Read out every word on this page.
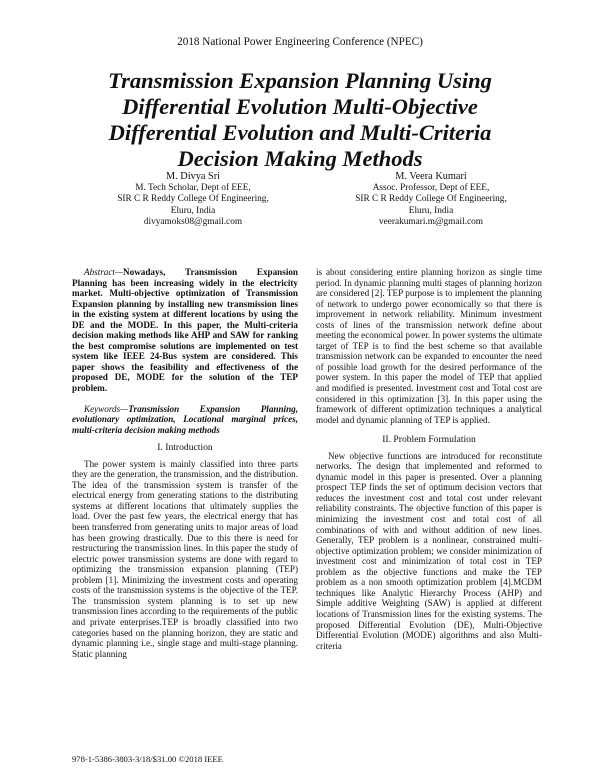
2018 National Power Engineering Conference (NPEC)
Transmission Expansion Planning Using Differential Evolution Multi-Objective Differential Evolution and Multi-Criteria Decision Making Methods
M. Divya Sri
M. Tech Scholar, Dept of EEE,
SIR C R Reddy College Of Engineering,
Eluru, India
divyamoks08@gmail.com
M. Veera Kumari
Assoc. Professor, Dept of EEE,
SIR C R Reddy College Of Engineering,
Eluru, India
veerakumari.m@gmail.com

Abstract—Nowadays, Transmission Expansion Planning has been increasing widely in the electricity market. Multi-objective optimization of Transmission Expansion planning by installing new transmission lines in the existing system at different locations by using the DE and the MODE. In this paper, the Multi-criteria decision making methods like AHP and SAW for ranking the best compromise solutions are implemented on test system like IEEE 24-Bus system are considered. This paper shows the feasibility and effectiveness of the proposed DE, MODE for the solution of the TEP problem.

Keywords—Transmission Expansion Planning, evolutionary optimization, Locational marginal prices, multi-criteria decision making methods

I. Introduction

The power system is mainly classified into three parts they are the generation, the transmission, and the distribution. The idea of the transmission system is transfer of the electrical energy from generating stations to the distributing systems at different locations that ultimately supplies the load. Over the past few years, the electrical energy that has been transferred from generating units to major areas of load has been growing drastically. Due to this there is need for restructuring the transmission lines. In this paper the study of electric power transmission systems are done with regard to optimizing the transmission expansion planning (TEP) problem [1]. Minimizing the investment costs and operating costs of the transmission systems is the objective of the TEP. The transmission system planning is to set up new transmission lines according to the requirements of the public and private enterprises.TEP is broadly classified into two categories based on the planning horizon, they are static and dynamic planning i.e., single stage and multi-stage planning. Static planning

is about considering entire planning horizon as single time period. In dynamic planning multi stages of planning horizon are considered [2]. TEP purpose is to implement the planning of network to undergo power economically so that there is improvement in network reliability. Minimum investment costs of lines of the transmission network define about meeting the economical power. In power systems the ultimate target of TEP is to find the best scheme so that available transmission network can be expanded to encounter the need of possible load growth for the desired performance of the power system. In this paper the model of TEP that applied and modified is presented. Investment cost and Total cost are considered in this optimization [3]. In this paper using the framework of different optimization techniques a analytical model and dynamic planning of TEP is applied.

II. Problem Formulation

New objective functions are introduced for reconstitute networks. The design that implemented and reformed to dynamic model in this paper is presented. Over a planning prospect TEP finds the set of optimum decision vectors that reduces the investment cost and total cost under relevant reliability constraints. The objective function of this paper is minimizing the investment cost and total cost of all combinations of with and without addition of new lines. Generally, TEP problem is a nonlinear, constrained multi-objective optimization problem; we consider minimization of investment cost and minimization of total cost in TEP problem as the objective functions and make the TEP problem as a non smooth optimization problem [4].MCDM techniques like Analytic Hierarchy Process (AHP) and Simple additive Weighting (SAW) is applied at different locations of Transmission lines for the existing systems. The proposed Differential Evolution (DE), Multi-Objective Differential Evolution (MODE) algorithms and also Multi-criteria

978-1-5386-3803-3/18/$31.00 ©2018 IEEE
